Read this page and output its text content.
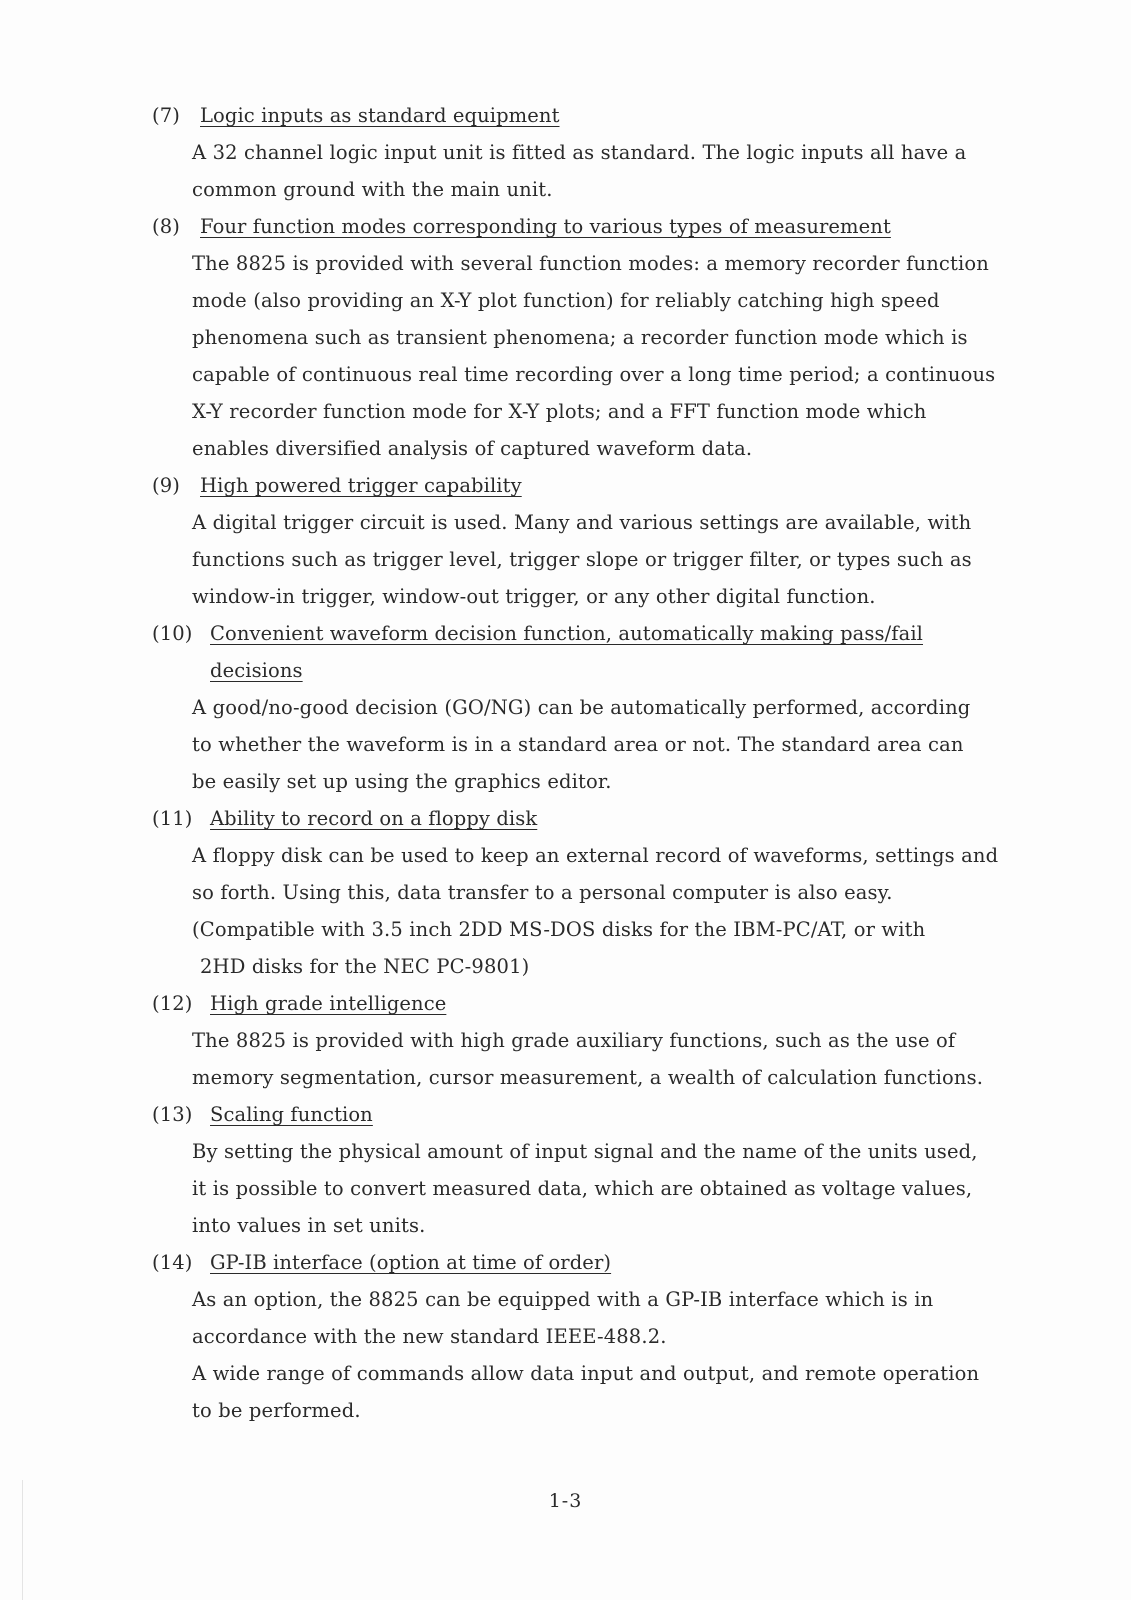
(7)	Logic inputs as standard equipment
A 32 channel logic input unit is fitted as standard. The logic inputs all have a
common ground with the main unit.
(8)	Four function modes corresponding to various types of measurement
The 8825 is provided with several function modes: a memory recorder function
mode (also providing an X-Y plot function) for reliably catching high speed
phenomena such as transient phenomena; a recorder function mode which is
capable of continuous real time recording over a long time period; a continuous
X-Y recorder function mode for X-Y plots; and a FFT function mode which
enables diversified analysis of captured waveform data.
(9)	High powered trigger capability
A digital trigger circuit is used. Many and various settings are available, with
functions such as trigger level, trigger slope or trigger filter, or types such as
window-in trigger, window-out trigger, or any other digital function.
(10) Convenient waveform decision function, automatically making pass/fail
decisions
A good/no-good decision (GO/NG) can be automatically performed, according
to whether the waveform is in a standard area or not. The standard area can
be easily set up using the graphics editor.
(11) Ability to record on a floppy disk
A floppy disk can be used to keep an external record of waveforms, settings and
so forth. Using this, data transfer to a personal computer is also easy.
(Compatible with 3.5 inch 2DD MS-DOS disks for the IBM-PC/AT, or with
2HD disks for the NEC PC-9801)
(12) High grade intelligence
The 8825 is provided with high grade auxiliary functions, such as the use of
memory segmentation, cursor measurement, a wealth of calculation functions.
(13) Scaling function
By setting the physical amount of input signal and the name of the units used,
it is possible to convert measured data, which are obtained as voltage values,
into values in set units.
(14) GP-IB interface (option at time of order)
As an option, the 8825 can be equipped with a GP-IB interface which is in
accordance with the new standard IEEE-488.2.
A wide range of commands allow data input and output, and remote operation
to be performed.
1-3
